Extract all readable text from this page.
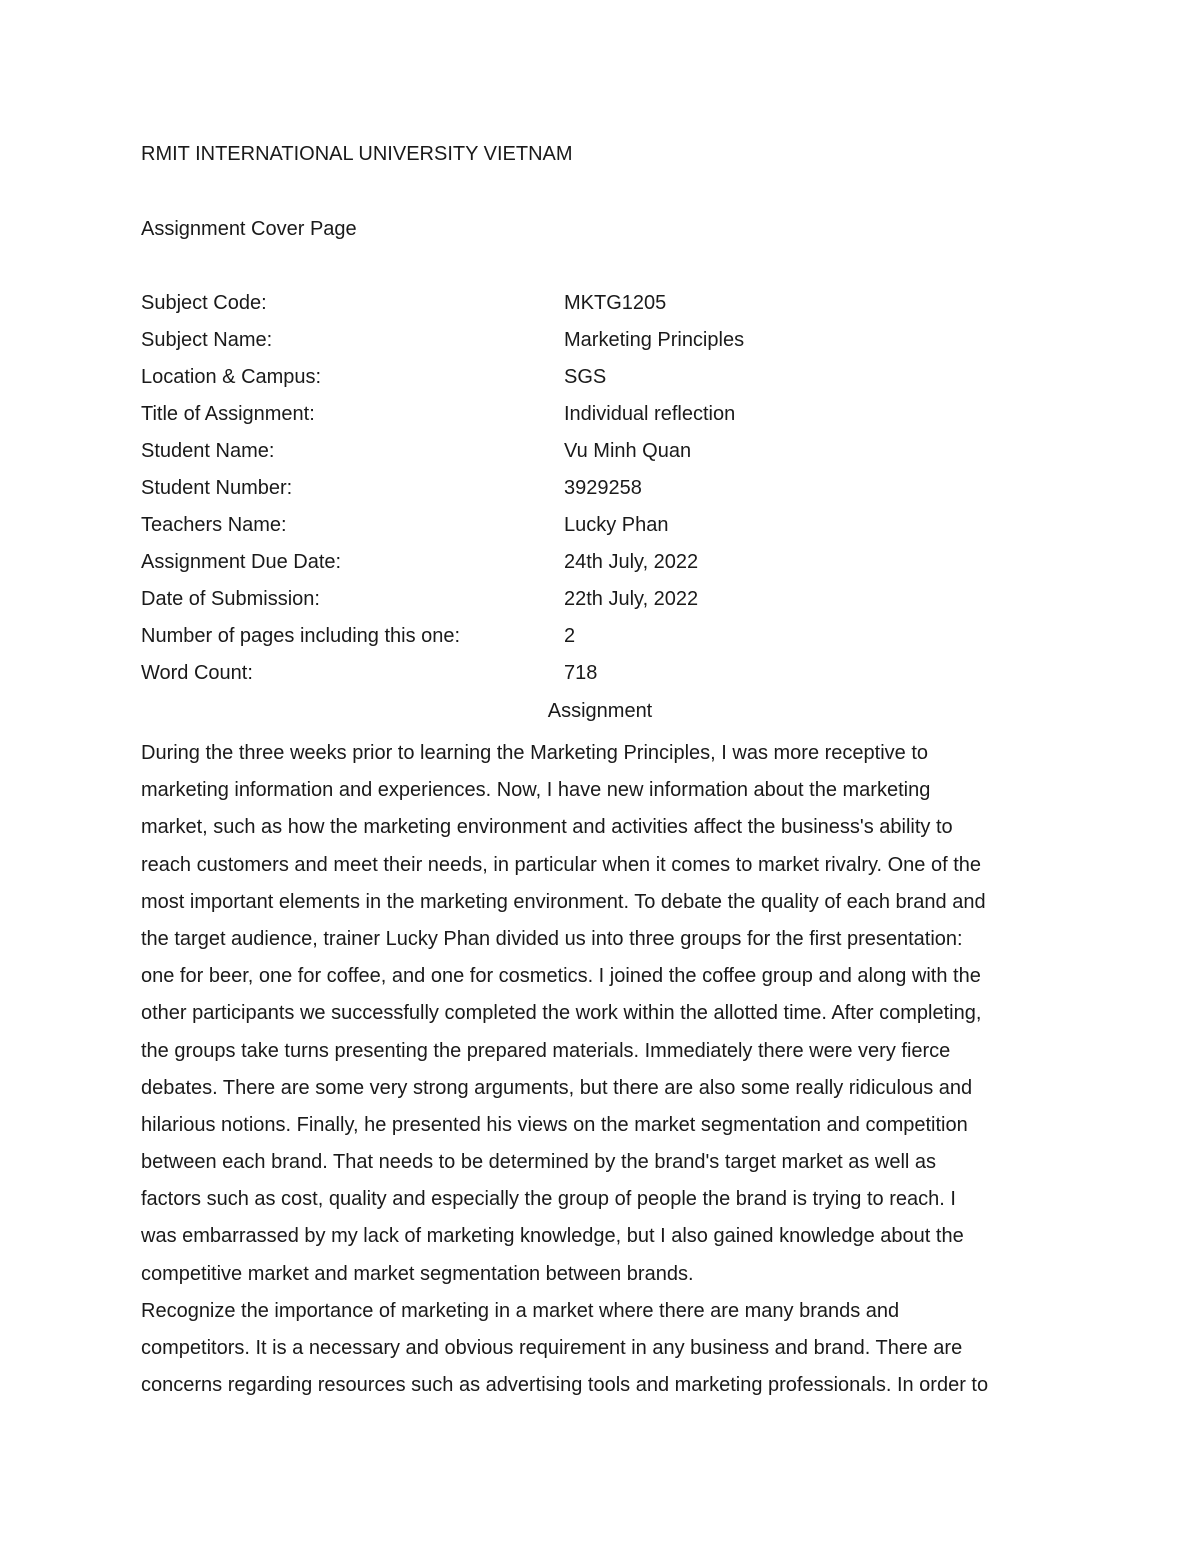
RMIT INTERNATIONAL UNIVERSITY VIETNAM
Assignment Cover Page
Subject Code:	MKTG1205
Subject Name:	Marketing Principles
Location & Campus:	SGS
Title of Assignment:	Individual reflection
Student Name:	Vu Minh Quan
Student Number:	3929258
Teachers Name:	Lucky Phan
Assignment Due Date:	24th July, 2022
Date of Submission:	22th July, 2022
Number of pages including this one:	2
Word Count:	718
Assignment
During the three weeks prior to learning the Marketing Principles, I was more receptive to
marketing information and experiences. Now, I have new information about the marketing
market, such as how the marketing environment and activities affect the business's ability to
reach customers and meet their needs, in particular when it comes to market rivalry. One of the
most important elements in the marketing environment. To debate the quality of each brand and
the target audience, trainer Lucky Phan divided us into three groups for the first presentation:
one for beer, one for coffee, and one for cosmetics. I joined the coffee group and along with the
other participants we successfully completed the work within the allotted time. After completing,
the groups take turns presenting the prepared materials. Immediately there were very fierce
debates. There are some very strong arguments, but there are also some really ridiculous and
hilarious notions. Finally, he presented his views on the market segmentation and competition
between each brand. That needs to be determined by the brand's target market as well as
factors such as cost, quality and especially the group of people the brand is trying to reach. I
was embarrassed by my lack of marketing knowledge, but I also gained knowledge about the
competitive market and market segmentation between brands.
Recognize the importance of marketing in a market where there are many brands and
competitors. It is a necessary and obvious requirement in any business and brand. There are
concerns regarding resources such as advertising tools and marketing professionals. In order to
